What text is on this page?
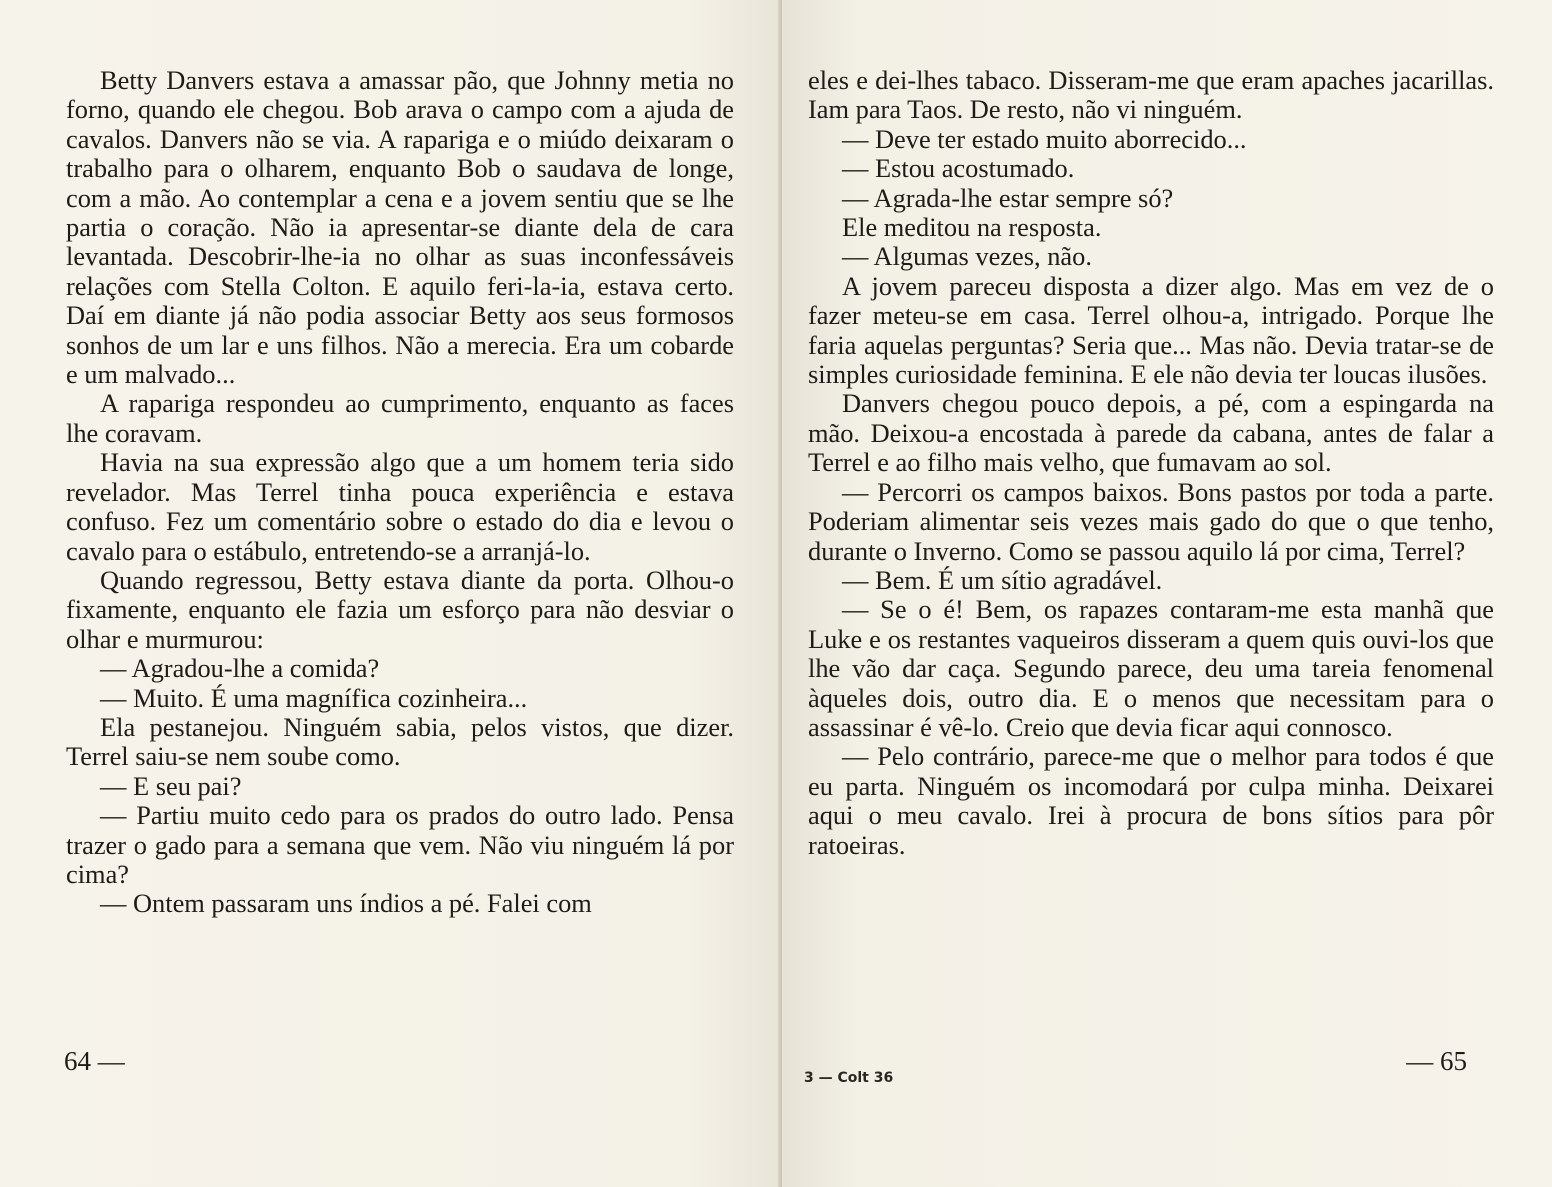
Betty Danvers estava a amassar pão, que Johnny metia no forno, quando ele chegou. Bob arava o campo com a ajuda de cavalos. Danvers não se via. A rapariga e o miúdo deixaram o trabalho para o olharem, enquanto Bob o saudava de longe, com a mão. Ao contemplar a cena e a jovem sentiu que se lhe partia o coração. Não ia apresentar-se diante dela de cara levantada. Descobrir-lhe-ia no olhar as suas inconfessáveis relações com Stella Colton. E aquilo feri-la-ia, estava certo. Daí em diante já não podia associar Betty aos seus formosos sonhos de um lar e uns filhos. Não a merecia. Era um cobarde e um malvado...

A rapariga respondeu ao cumprimento, enquanto as faces lhe coravam.

Havia na sua expressão algo que a um homem teria sido revelador. Mas Terrel tinha pouca experiência e estava confuso. Fez um comentário sobre o estado do dia e levou o cavalo para o estábulo, entretendo-se a arranjá-lo.

Quando regressou, Betty estava diante da porta. Olhou-o fixamente, enquanto ele fazia um esforço para não desviar o olhar e murmurou:

— Agradou-lhe a comida?

— Muito. É uma magnífica cozinheira...

Ela pestanejou. Ninguém sabia, pelos vistos, que dizer. Terrel saiu-se nem soube como.

— E seu pai?

— Partiu muito cedo para os prados do outro lado. Pensa trazer o gado para a semana que vem. Não viu ninguém lá por cima?

— Ontem passaram uns índios a pé. Falei com

64 —

eles e dei-lhes tabaco. Disseram-me que eram apaches jacarillas. Iam para Taos. De resto, não vi ninguém.

— Deve ter estado muito aborrecido...

— Estou acostumado.

— Agrada-lhe estar sempre só?

Ele meditou na resposta.

— Algumas vezes, não.

A jovem pareceu disposta a dizer algo. Mas em vez de o fazer meteu-se em casa. Terrel olhou-a, intrigado. Porque lhe faria aquelas perguntas? Seria que... Mas não. Devia tratar-se de simples curiosidade feminina. E ele não devia ter loucas ilusões.

Danvers chegou pouco depois, a pé, com a espingarda na mão. Deixou-a encostada à parede da cabana, antes de falar a Terrel e ao filho mais velho, que fumavam ao sol.

— Percorri os campos baixos. Bons pastos por toda a parte. Poderiam alimentar seis vezes mais gado do que o que tenho, durante o Inverno. Como se passou aquilo lá por cima, Terrel?

— Bem. É um sítio agradável.

— Se o é! Bem, os rapazes contaram-me esta manhã que Luke e os restantes vaqueiros disseram a quem quis ouvi-los que lhe vão dar caça. Segundo parece, deu uma tareia fenomenal àqueles dois, outro dia. E o menos que necessitam para o assassinar é vê-lo. Creio que devia ficar aqui connosco.

— Pelo contrário, parece-me que o melhor para todos é que eu parta. Ninguém os incomodará por culpa minha. Deixarei aqui o meu cavalo. Irei à procura de bons sítios para pôr ratoeiras.

3 — Colt 36
— 65
